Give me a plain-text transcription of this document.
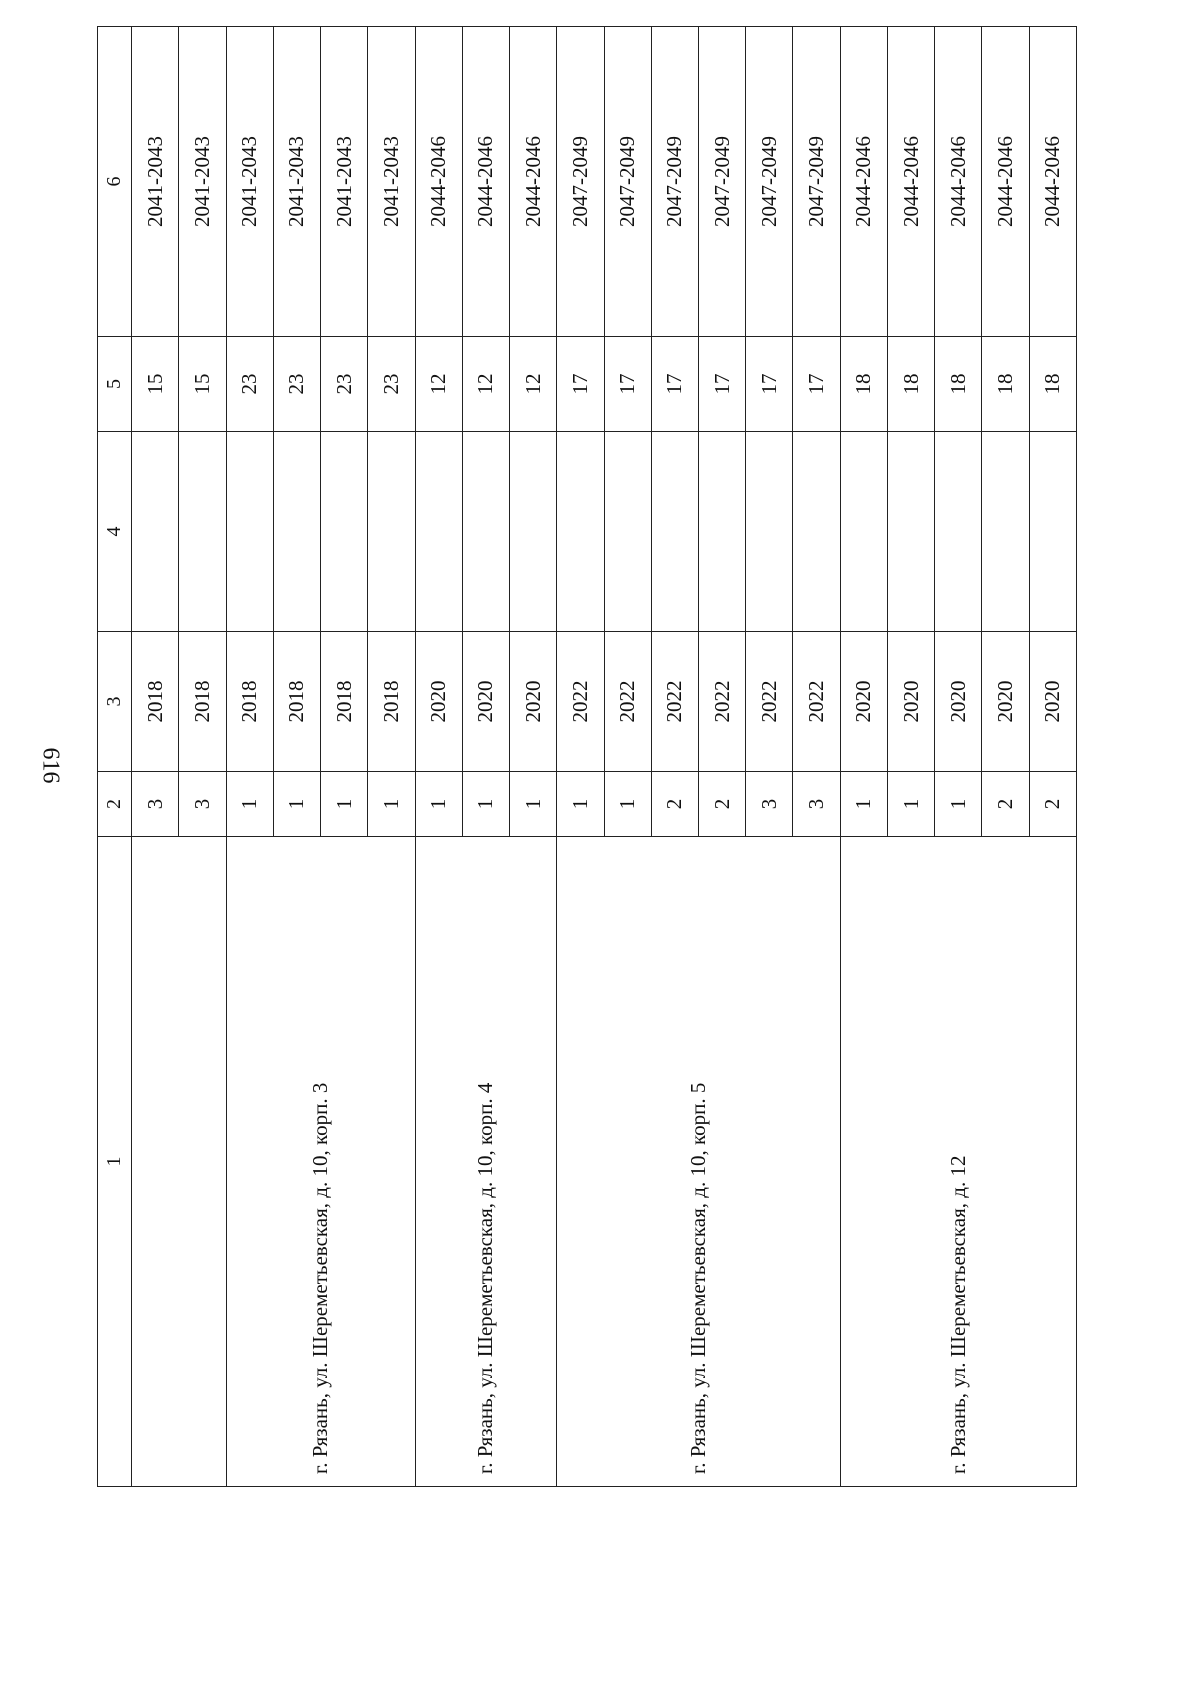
616
1	2	3	4	5	6
	3	2018		15	2041-2043
	3	2018		15	2041-2043
г. Рязань, ул. Шереметьевская, д. 10, корп. 3	1	2018		23	2041-2043
	1	2018		23	2041-2043
	1	2018		23	2041-2043
	1	2018		23	2041-2043
г. Рязань, ул. Шереметьевская, д. 10, корп. 4	1	2020		12	2044-2046
	1	2020		12	2044-2046
	1	2020		12	2044-2046
г. Рязань, ул. Шереметьевская, д. 10, корп. 5	1	2022		17	2047-2049
	1	2022		17	2047-2049
	2	2022		17	2047-2049
	2	2022		17	2047-2049
	3	2022		17	2047-2049
	3	2022		17	2047-2049
г. Рязань, ул. Шереметьевская, д. 12	1	2020		18	2044-2046
	1	2020		18	2044-2046
	1	2020		18	2044-2046
	2	2020		18	2044-2046
	2	2020		18	2044-2046
